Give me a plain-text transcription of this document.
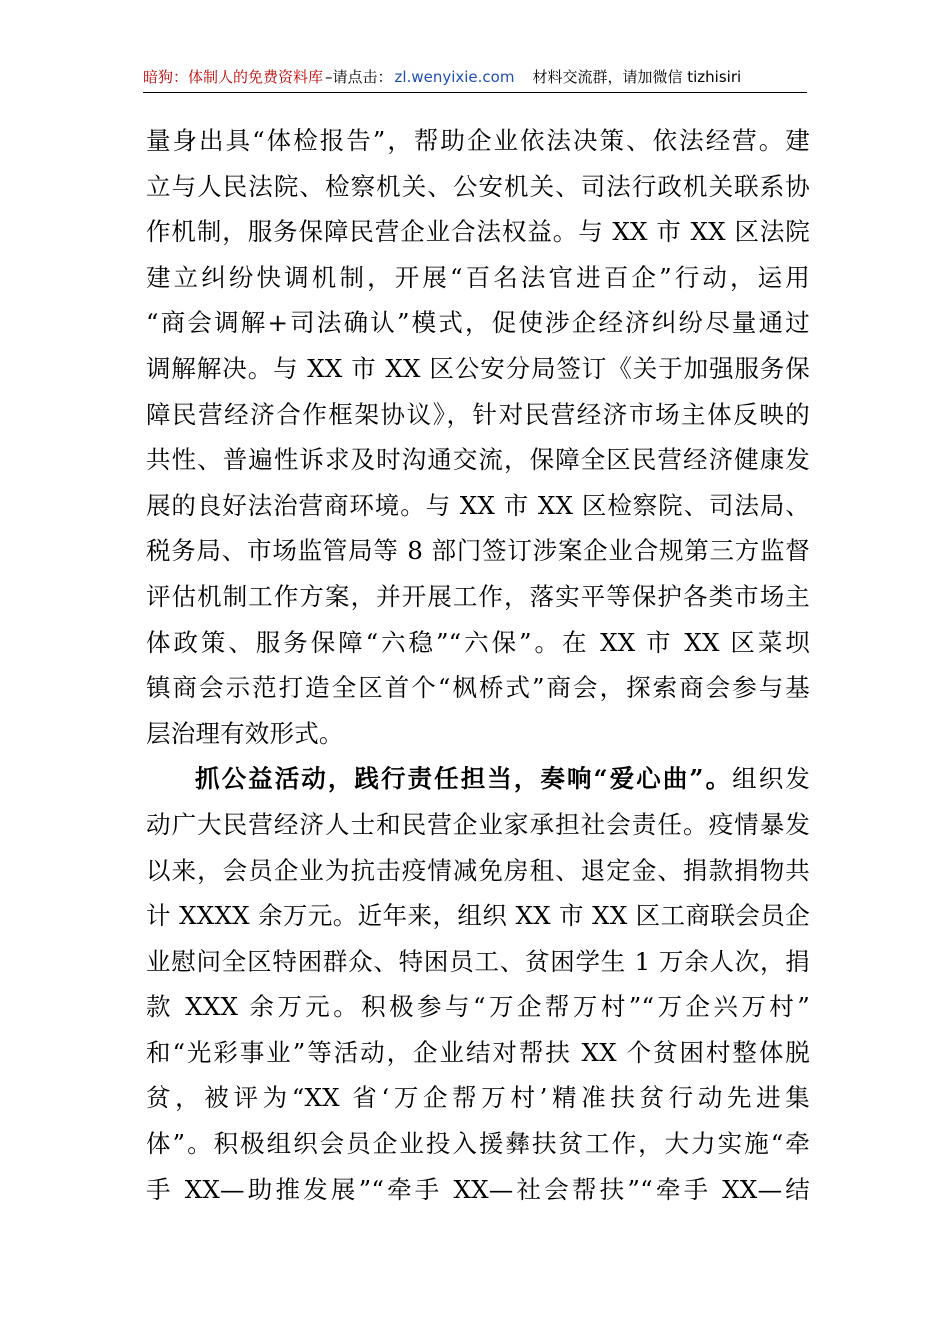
暗狗：体制人的免费资料库 –请点击： zl.wenyixie.com 材料交流群，请加微信 tizhisiri
量身出具“体检报告”，帮助企业依法决策、依法经营。建
立与人民法院、检察机关、公安机关、司法行政机关联系协
作机制，服务保障民营企业合法权益。与 XX 市 XX 区法院
建立纠纷快调机制，开展“百名法官进百企”行动，运用
“商会调解+司法确认”模式，促使涉企经济纠纷尽量通过
调解解决。与 XX 市 XX 区公安分局签订《关于加强服务保
障民营经济合作框架协议》，针对民营经济市场主体反映的
共性、普遍性诉求及时沟通交流，保障全区民营经济健康发
展的良好法治营商环境。与 XX 市 XX 区检察院、司法局、
税务局、市场监管局等 8 部门签订涉案企业合规第三方监督
评估机制工作方案，并开展工作，落实平等保护各类市场主
体政策、服务保障“六稳”“六保”。在 XX 市 XX 区菜坝
镇商会示范打造全区首个“枫桥式”商会，探索商会参与基
层治理有效形式。
抓公益活动，践行责任担当，奏响“爱心曲”。组织发
动广大民营经济人士和民营企业家承担社会责任。疫情暴发
以来，会员企业为抗击疫情减免房租、退定金、捐款捐物共
计 XXXX 余万元。近年来，组织 XX 市 XX 区工商联会员企
业慰问全区特困群众、特困员工、贫困学生 1 万余人次，捐
款 XXX 余万元。积极参与“万企帮万村”“万企兴万村”
和“光彩事业”等活动，企业结对帮扶 XX 个贫困村整体脱
贫，被评为“XX 省‘万企帮万村’精准扶贫行动先进集
体”。积极组织会员企业投入援彝扶贫工作，大力实施“牵
手 XX—助推发展”“牵手 XX—社会帮扶”“牵手 XX—结
